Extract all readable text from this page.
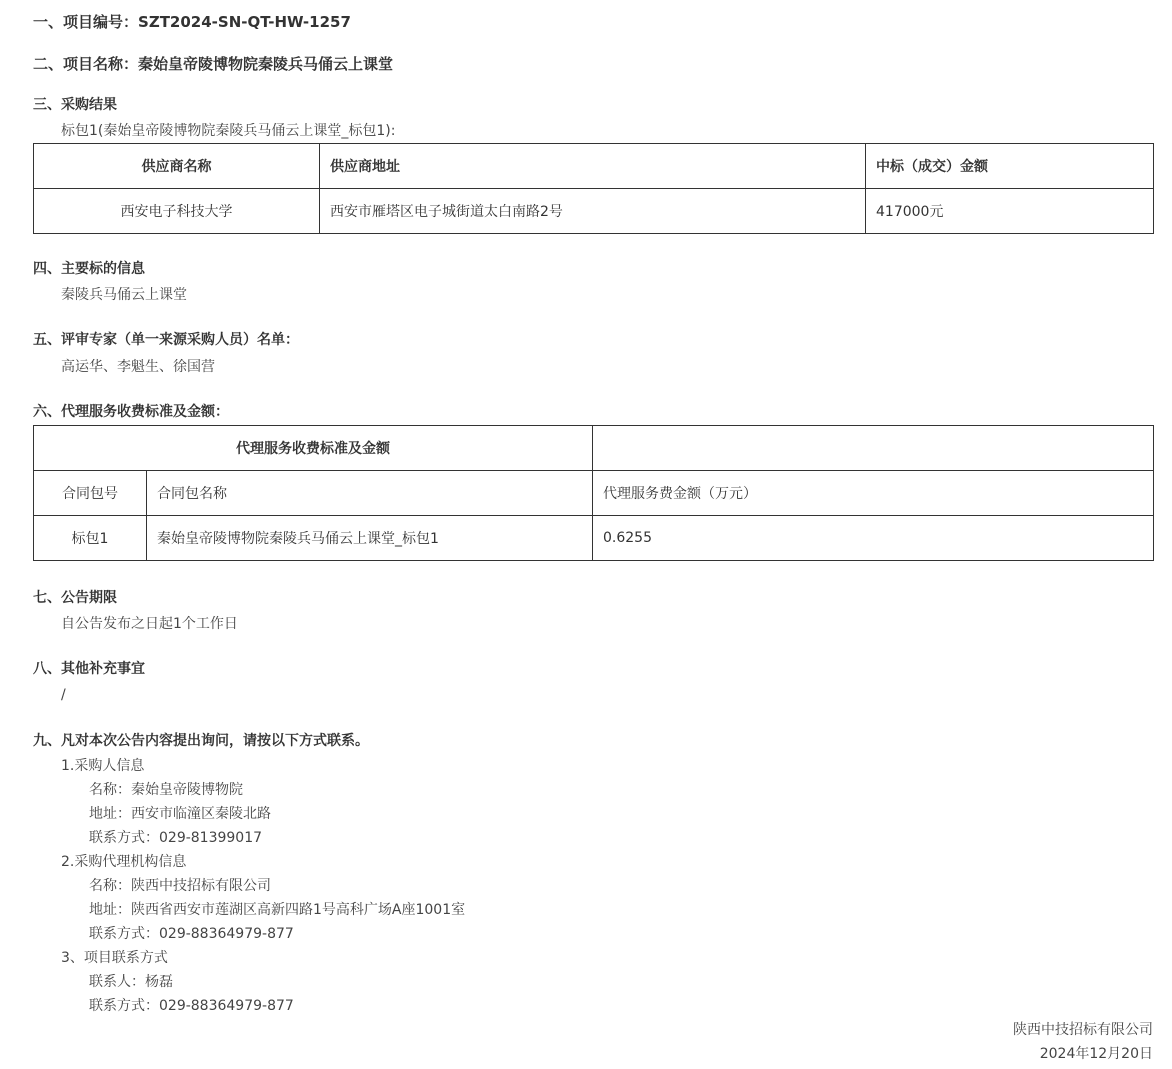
一、项目编号：SZT2024-SN-QT-HW-1257
二、项目名称：秦始皇帝陵博物院秦陵兵马俑云上课堂
三、采购结果
标包1(秦始皇帝陵博物院秦陵兵马俑云上课堂_标包1):
供应商名称	供应商地址	中标（成交）金额
西安电子科技大学	西安市雁塔区电子城街道太白南路2号	417000元
四、主要标的信息
秦陵兵马俑云上课堂
五、评审专家（单一来源采购人员）名单：
高运华、李魁生、徐国营
六、代理服务收费标准及金额：
代理服务收费标准及金额		
合同包号	合同包名称	代理服务费金额（万元）
标包1	秦始皇帝陵博物院秦陵兵马俑云上课堂_标包1	0.6255
七、公告期限
自公告发布之日起1个工作日
八、其他补充事宜
/
九、凡对本次公告内容提出询问，请按以下方式联系。
1.采购人信息
名称：秦始皇帝陵博物院
地址：西安市临潼区秦陵北路
联系方式：029-81399017
2.采购代理机构信息
名称：陕西中技招标有限公司
地址：陕西省西安市莲湖区高新四路1号高科广场A座1001室
联系方式：029-88364979-877
3、项目联系方式
联系人：杨磊
联系方式：029-88364979-877
陕西中技招标有限公司
2024年12月20日
